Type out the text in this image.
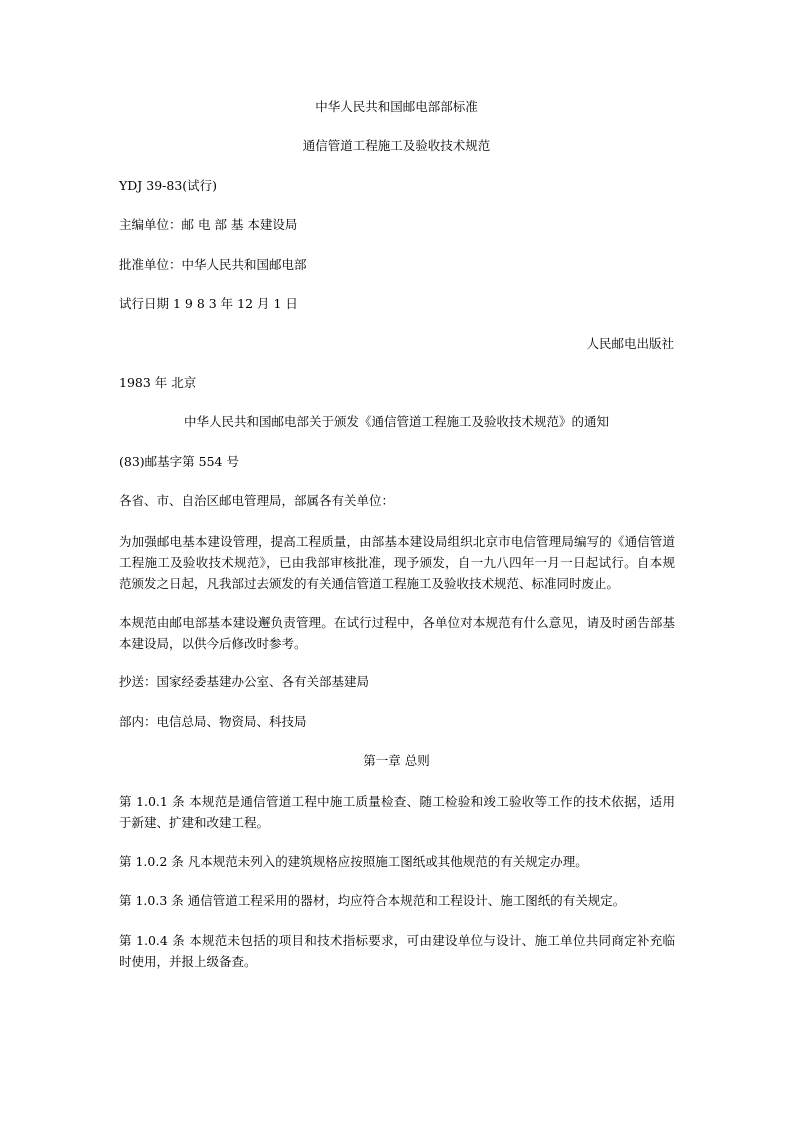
中华人民共和国邮电部部标准
通信管道工程施工及验收技术规范
YDJ 39-83(试行)
主编单位：邮 电 部 基 本建设局
批准单位：中华人民共和国邮电部
试行日期 1 9 8 3 年 12 月 1 日
人民邮电出版社
1983 年 北京
中华人民共和国邮电部关于颁发《通信管道工程施工及验收技术规范》的通知
(83)邮基字第 554 号
各省、市、自治区邮电管理局，部属各有关单位：
为加强邮电基本建设管理，提高工程质量，由部基本建设局组织北京市电信管理局编写的《通信管道工程施工及验收技术规范》，已由我部审核批准，现予颁发，自一九八四年一月一日起试行。自本规范颁发之日起，凡我部过去颁发的有关通信管道工程施工及验收技术规范、标准同时废止。
本规范由邮电部基本建设邂负责管理。在试行过程中，各单位对本规范有什么意见，请及时函告部基本建设局，以供今后修改时参考。
抄送：国家经委基建办公室、各有关部基建局
部内：电信总局、物资局、科技局
第一章 总则
第 1.0.1 条 本规范是通信管道工程中施工质量检查、随工检验和竣工验收等工作的技术依据，适用于新建、扩建和改建工程。
第 1.0.2 条 凡本规范未列入的建筑规格应按照施工图纸或其他规范的有关规定办理。
第 1.0.3 条 通信管道工程采用的器材，均应符合本规范和工程设计、施工图纸的有关规定。
第 1.0.4 条 本规范未包括的项目和技术指标要求，可由建设单位与设计、施工单位共同商定补充临时使用，并报上级备查。
